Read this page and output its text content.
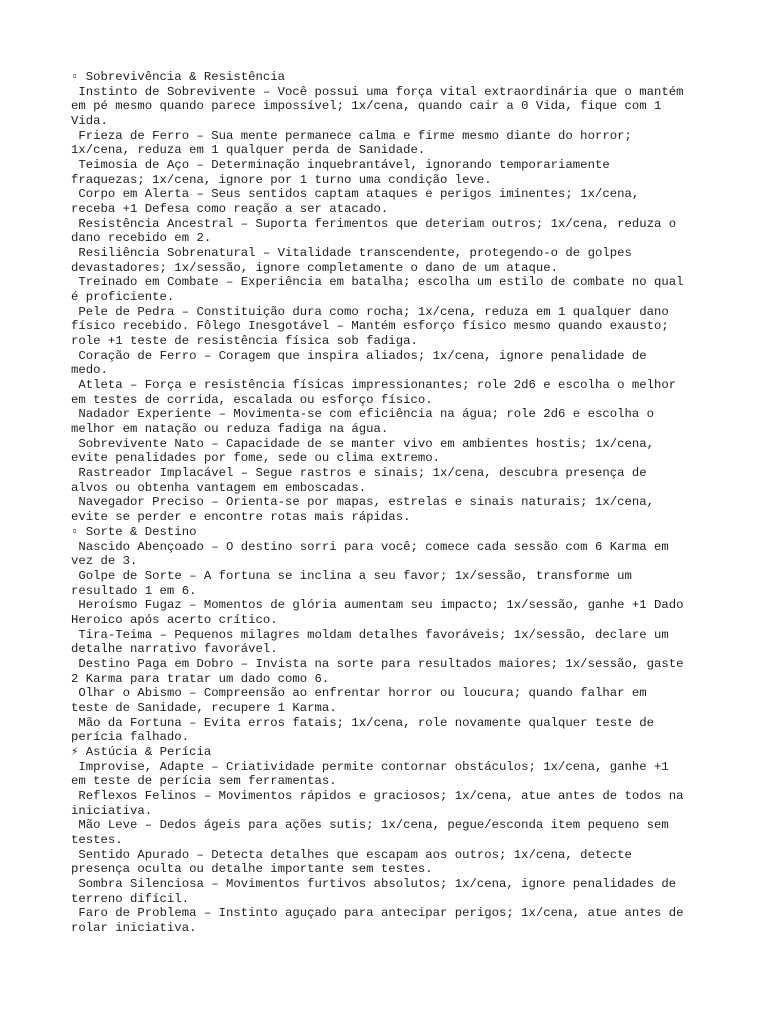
▫ Sobrevivência & Resistência
Instinto de Sobrevivente – Você possui uma força vital extraordinária que o mantém
em pé mesmo quando parece impossível; 1x/cena, quando cair a 0 Vida, fique com 1
Vida.
Frieza de Ferro – Sua mente permanece calma e firme mesmo diante do horror;
1x/cena, reduza em 1 qualquer perda de Sanidade.
Teimosia de Aço – Determinação inquebrantável, ignorando temporariamente
fraquezas; 1x/cena, ignore por 1 turno uma condição leve.
Corpo em Alerta – Seus sentidos captam ataques e perigos iminentes; 1x/cena,
receba +1 Defesa como reação a ser atacado.
Resistência Ancestral – Suporta ferimentos que deteriam outros; 1x/cena, reduza o
dano recebido em 2.
Resiliência Sobrenatural – Vitalidade transcendente, protegendo-o de golpes
devastadores; 1x/sessão, ignore completamente o dano de um ataque.
Treinado em Combate – Experiência em batalha; escolha um estilo de combate no qual
é proficiente.
Pele de Pedra – Constituição dura como rocha; 1x/cena, reduza em 1 qualquer dano
físico recebido. Fôlego Inesgotável – Mantém esforço físico mesmo quando exausto;
role +1 teste de resistência física sob fadiga.
Coração de Ferro – Coragem que inspira aliados; 1x/cena, ignore penalidade de
medo.
Atleta – Força e resistência físicas impressionantes; role 2d6 e escolha o melhor
em testes de corrida, escalada ou esforço físico.
Nadador Experiente – Movimenta-se com eficiência na água; role 2d6 e escolha o
melhor em natação ou reduza fadiga na água.
Sobrevivente Nato – Capacidade de se manter vivo em ambientes hostis; 1x/cena,
evite penalidades por fome, sede ou clima extremo.
Rastreador Implacável – Segue rastros e sinais; 1x/cena, descubra presença de
alvos ou obtenha vantagem em emboscadas.
Navegador Preciso – Orienta-se por mapas, estrelas e sinais naturais; 1x/cena,
evite se perder e encontre rotas mais rápidas.
▫ Sorte & Destino
Nascido Abençoado – O destino sorri para você; comece cada sessão com 6 Karma em
vez de 3.
Golpe de Sorte – A fortuna se inclina a seu favor; 1x/sessão, transforme um
resultado 1 em 6.
Heroísmo Fugaz – Momentos de glória aumentam seu impacto; 1x/sessão, ganhe +1 Dado
Heroico após acerto crítico.
Tira-Teima – Pequenos milagres moldam detalhes favoráveis; 1x/sessão, declare um
detalhe narrativo favorável.
Destino Paga em Dobro – Invista na sorte para resultados maiores; 1x/sessão, gaste
2 Karma para tratar um dado como 6.
Olhar o Abismo – Compreensão ao enfrentar horror ou loucura; quando falhar em
teste de Sanidade, recupere 1 Karma.
Mão da Fortuna – Evita erros fatais; 1x/cena, role novamente qualquer teste de
perícia falhado.
⚡ Astúcia & Perícia
Improvise, Adapte – Criatividade permite contornar obstáculos; 1x/cena, ganhe +1
em teste de perícia sem ferramentas.
Reflexos Felinos – Movimentos rápidos e graciosos; 1x/cena, atue antes de todos na
iniciativa.
Mão Leve – Dedos ágeis para ações sutis; 1x/cena, pegue/esconda item pequeno sem
testes.
Sentido Apurado – Detecta detalhes que escapam aos outros; 1x/cena, detecte
presença oculta ou detalhe importante sem testes.
Sombra Silenciosa – Movimentos furtivos absolutos; 1x/cena, ignore penalidades de
terreno difícil.
Faro de Problema – Instinto aguçado para antecipar perigos; 1x/cena, atue antes de
rolar iniciativa.
